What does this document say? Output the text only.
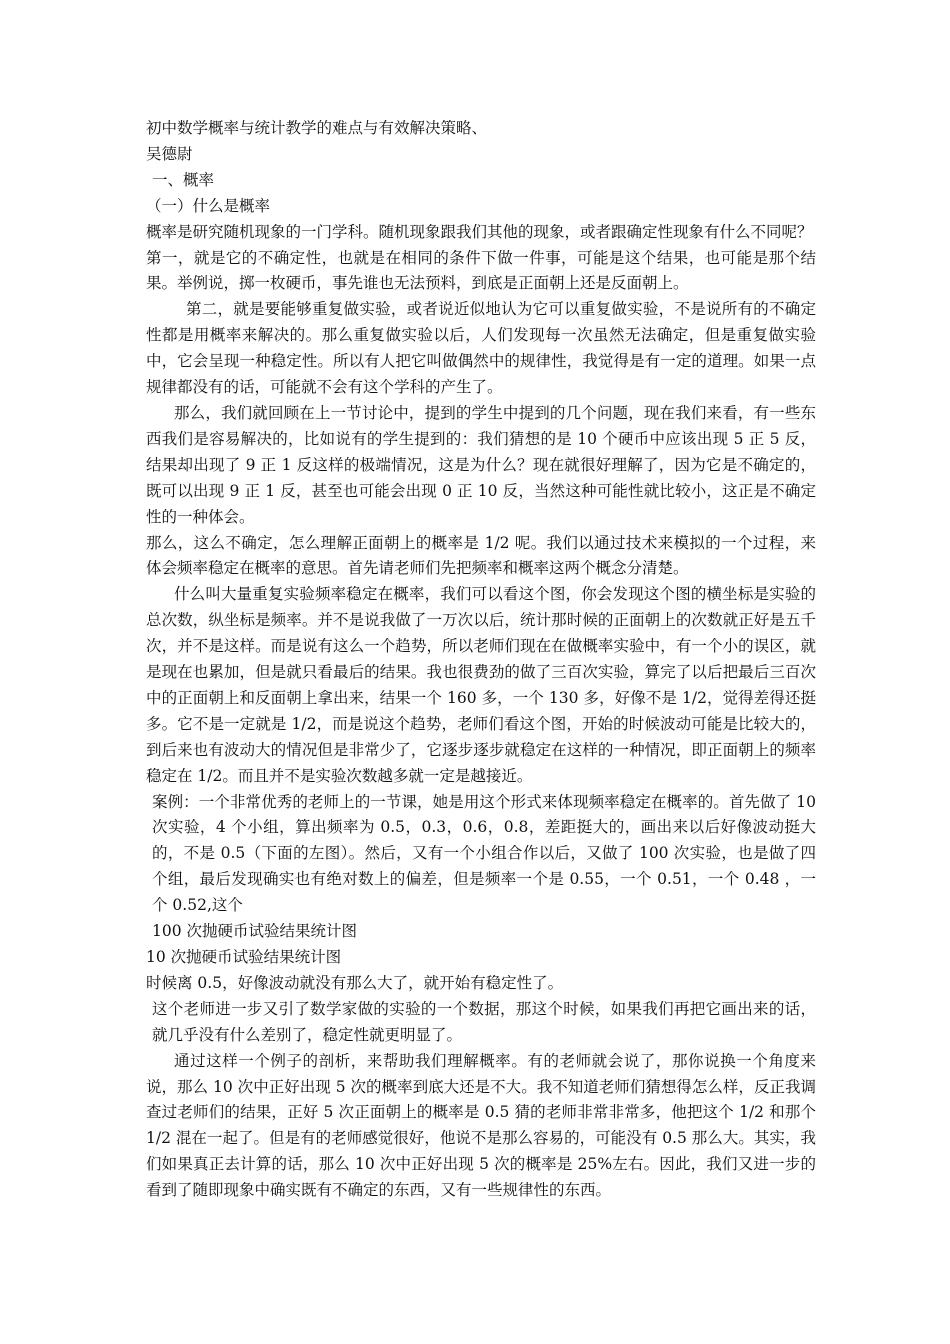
初中数学概率与统计教学的难点与有效解决策略、

吴德尉

一、概率

（一）什么是概率

概率是研究随机现象的一门学科。随机现象跟我们其他的现象，或者跟确定性现象有什么不同呢？

第一，就是它的不确定性，也就是在相同的条件下做一件事，可能是这个结果，也可能是那个结果。举例说，掷一枚硬币，事先谁也无法预料，到底是正面朝上还是反面朝上。

第二，就是要能够重复做实验，或者说近似地认为它可以重复做实验，不是说所有的不确定性都是用概率来解决的。那么重复做实验以后，人们发现每一次虽然无法确定，但是重复做实验中，它会呈现一种稳定性。所以有人把它叫做偶然中的规律性，我觉得是有一定的道理。如果一点规律都没有的话，可能就不会有这个学科的产生了。

那么，我们就回顾在上一节讨论中，提到的学生中提到的几个问题，现在我们来看，有一些东西我们是容易解决的，比如说有的学生提到的：我们猜想的是 10 个硬币中应该出现 5 正 5 反，结果却出现了 9 正 1 反这样的极端情况，这是为什么？现在就很好理解了，因为它是不确定的，既可以出现 9 正 1 反，甚至也可能会出现 0 正 10 反，当然这种可能性就比较小，这正是不确定性的一种体会。

那么，这么不确定，怎么理解正面朝上的概率是 1/2 呢。我们以通过技术来模拟的一个过程，来体会频率稳定在概率的意思。首先请老师们先把频率和概率这两个概念分清楚。

什么叫大量重复实验频率稳定在概率，我们可以看这个图，你会发现这个图的横坐标是实验的总次数，纵坐标是频率。并不是说我做了一万次以后，统计那时候的正面朝上的次数就正好是五千次，并不是这样。而是说有这么一个趋势，所以老师们现在在做概率实验中，有一个小的误区，就是现在也累加，但是就只看最后的结果。我也很费劲的做了三百次实验，算完了以后把最后三百次中的正面朝上和反面朝上拿出来，结果一个 160 多，一个 130 多，好像不是 1/2，觉得差得还挺多。它不是一定就是 1/2，而是说这个趋势，老师们看这个图，开始的时候波动可能是比较大的，到后来也有波动大的情况但是非常少了，它逐步逐步就稳定在这样的一种情况，即正面朝上的频率稳定在 1/2。而且并不是实验次数越多就一定是越接近。

案例：一个非常优秀的老师上的一节课，她是用这个形式来体现频率稳定在概率的。首先做了 10 次实验，4 个小组，算出频率为 0.5，0.3，0.6，0.8，差距挺大的，画出来以后好像波动挺大的，不是 0.5（下面的左图）。然后，又有一个小组合作以后，又做了 100 次实验，也是做了四个组，最后发现确实也有绝对数上的偏差，但是频率一个是 0.55，一个 0.51，一个 0.48 ，一个 0.52,这个

100 次抛硬币试验结果统计图

10 次抛硬币试验结果统计图

时候离 0.5，好像波动就没有那么大了，就开始有稳定性了。

这个老师进一步又引了数学家做的实验的一个数据，那这个时候，如果我们再把它画出来的话，就几乎没有什么差别了，稳定性就更明显了。

通过这样一个例子的剖析，来帮助我们理解概率。有的老师就会说了，那你说换一个角度来说，那么 10 次中正好出现 5 次的概率到底大还是不大。我不知道老师们猜想得怎么样，反正我调查过老师们的结果，正好 5 次正面朝上的概率是 0.5 猜的老师非常非常多，他把这个 1/2 和那个 1/2 混在一起了。但是有的老师感觉很好，他说不是那么容易的，可能没有 0.5 那么大。其实，我们如果真正去计算的话，那么 10 次中正好出现 5 次的概率是 25%左右。因此，我们又进一步的看到了随即现象中确实既有不确定的东西，又有一些规律性的东西。
